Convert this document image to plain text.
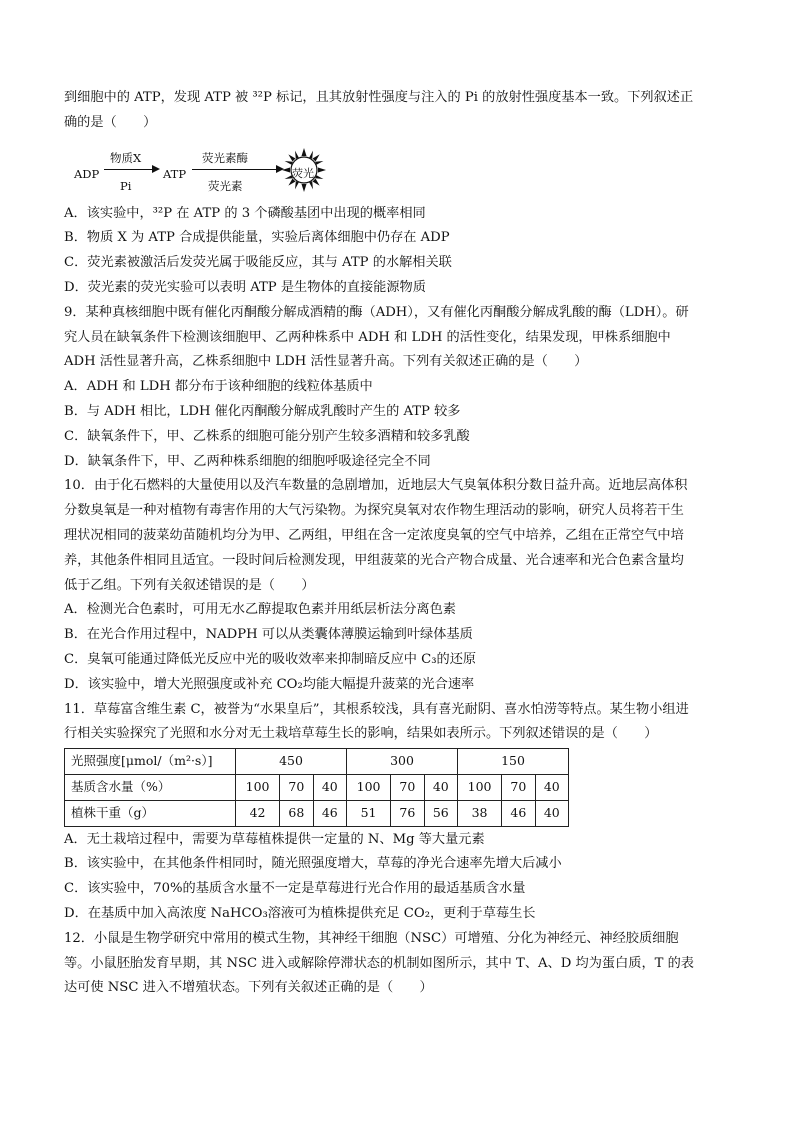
到细胞中的 ATP，发现 ATP 被 ³²P 标记，且其放射性强度与注入的 Pi 的放射性强度基本一致。下列叙述正
确的是（　　）
ADP
物质X
Pi
ATP
荧光素酶
荧光素
荧光
A．该实验中，³²P 在 ATP 的 3 个磷酸基团中出现的概率相同
B．物质 X 为 ATP 合成提供能量，实验后离体细胞中仍存在 ADP
C．荧光素被激活后发荧光属于吸能反应，其与 ATP 的水解相关联
D．荧光素的荧光实验可以表明 ATP 是生物体的直接能源物质
9．某种真核细胞中既有催化丙酮酸分解成酒精的酶（ADH），又有催化丙酮酸分解成乳酸的酶（LDH）。研
究人员在缺氧条件下检测该细胞甲、乙两种株系中 ADH 和 LDH 的活性变化，结果发现，甲株系细胞中
ADH 活性显著升高，乙株系细胞中 LDH 活性显著升高。下列有关叙述正确的是（　　）
A．ADH 和 LDH 都分布于该种细胞的线粒体基质中
B．与 ADH 相比，LDH 催化丙酮酸分解成乳酸时产生的 ATP 较多
C．缺氧条件下，甲、乙株系的细胞可能分别产生较多酒精和较多乳酸
D．缺氧条件下，甲、乙两种株系细胞的细胞呼吸途径完全不同
10．由于化石燃料的大量使用以及汽车数量的急剧增加，近地层大气臭氧体积分数日益升高。近地层高体积
分数臭氧是一种对植物有毒害作用的大气污染物。为探究臭氧对农作物生理活动的影响，研究人员将若干生
理状况相同的菠菜幼苗随机均分为甲、乙两组，甲组在含一定浓度臭氧的空气中培养，乙组在正常空气中培
养，其他条件相同且适宜。一段时间后检测发现，甲组菠菜的光合产物合成量、光合速率和光合色素含量均
低于乙组。下列有关叙述错误的是（　　）
A．检测光合色素时，可用无水乙醇提取色素并用纸层析法分离色素
B．在光合作用过程中，NADPH 可以从类囊体薄膜运输到叶绿体基质
C．臭氧可能通过降低光反应中光的吸收效率来抑制暗反应中 C₃的还原
D．该实验中，增大光照强度或补充 CO₂均能大幅提升菠菜的光合速率
11．草莓富含维生素 C，被誉为“水果皇后”，其根系较浅，具有喜光耐阴、喜水怕涝等特点。某生物小组进
行相关实验探究了光照和水分对无土栽培草莓生长的影响，结果如表所示。下列叙述错误的是（　　）
光照强度[μmol/（m²·s）]	450			300			150		
基质含水量（%）	100	70	40	100	70	40	100	70	40
植株干重（g）	42	68	46	51	76	56	38	46	40
A．无土栽培过程中，需要为草莓植株提供一定量的 N、Mg 等大量元素
B．该实验中，在其他条件相同时，随光照强度增大，草莓的净光合速率先增大后减小
C．该实验中，70%的基质含水量不一定是草莓进行光合作用的最适基质含水量
D．在基质中加入高浓度 NaHCO₃溶液可为植株提供充足 CO₂，更利于草莓生长
12．小鼠是生物学研究中常用的模式生物，其神经干细胞（NSC）可增殖、分化为神经元、神经胶质细胞
等。小鼠胚胎发育早期，其 NSC 进入或解除停滞状态的机制如图所示，其中 T、A、D 均为蛋白质，T 的表
达可使 NSC 进入不增殖状态。下列有关叙述正确的是（　　）
